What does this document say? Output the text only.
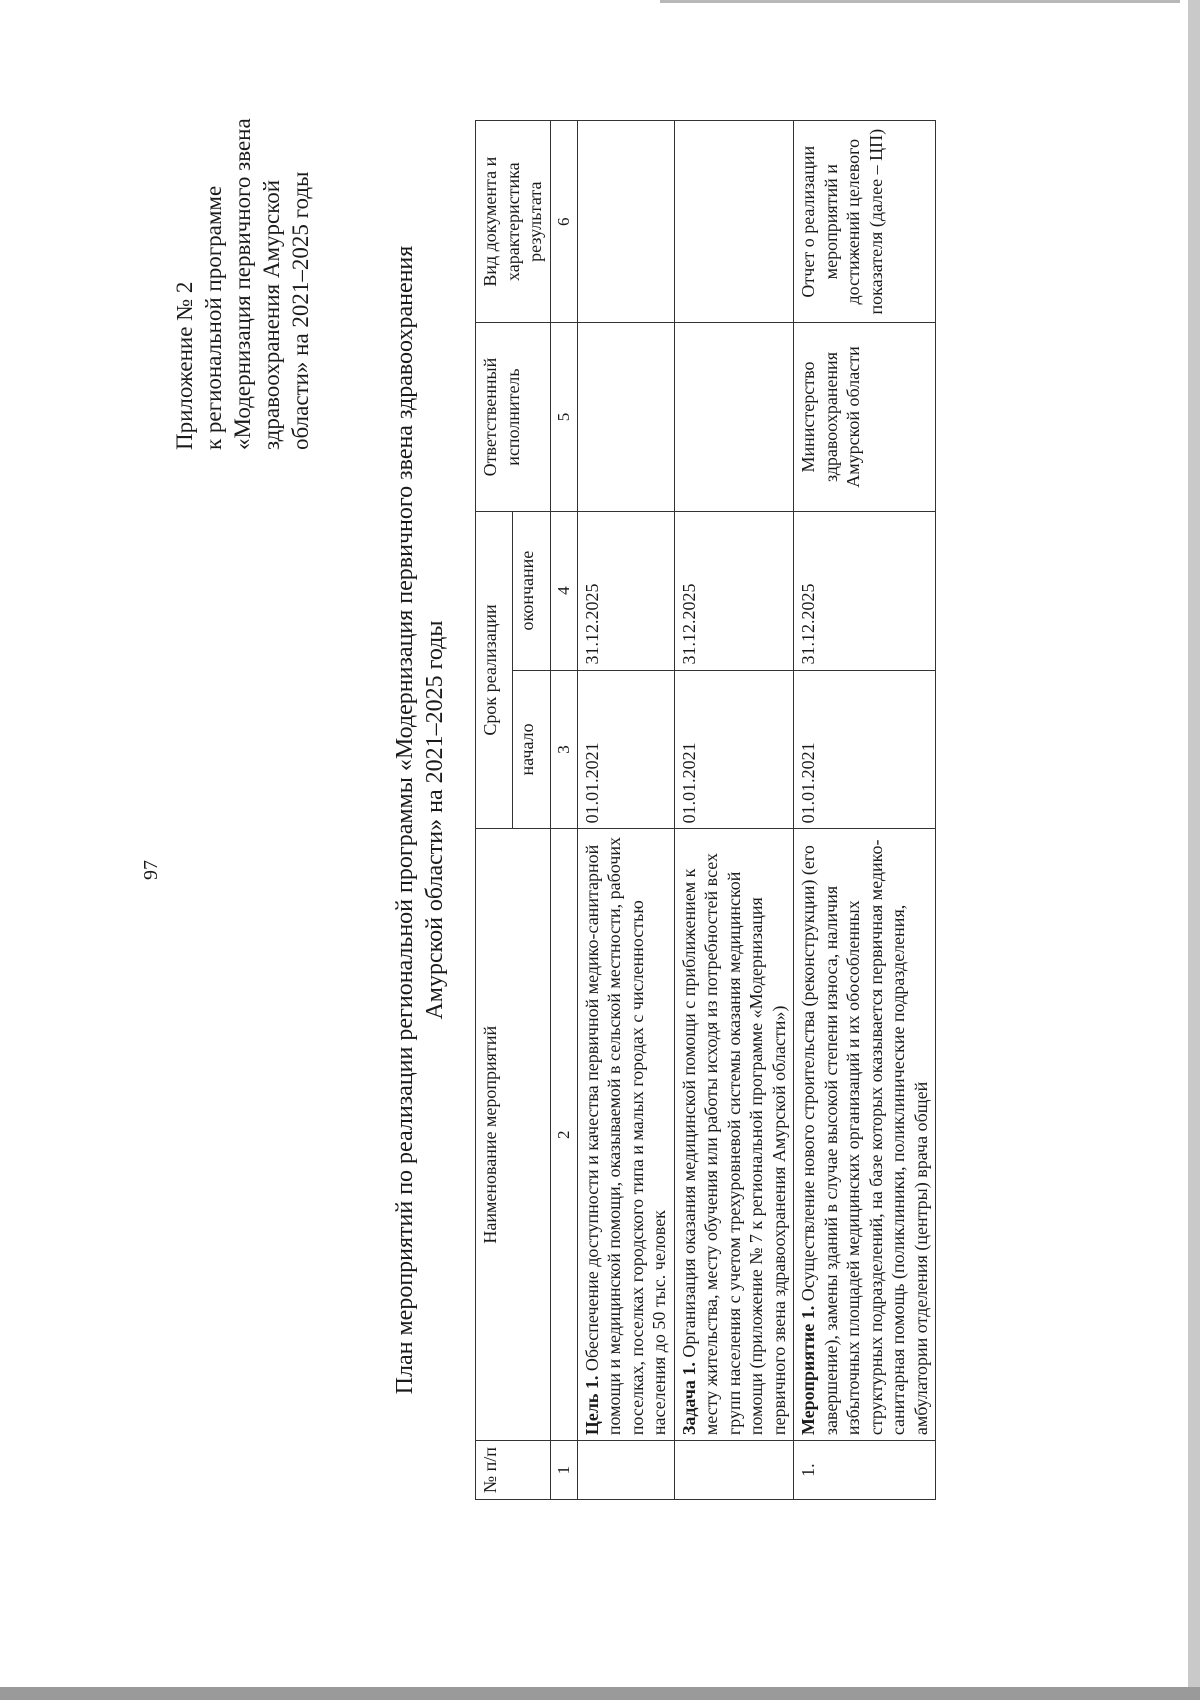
97
Приложение № 2 к региональной программе «Модернизация первичного звена здравоохранения Амурской области» на 2021–2025 годы	План мероприятий по реализации региональной программы «Модернизация первичного звена здравоохранения Амурской области» на 2021–2025 годы
№ п/п	Наименование мероприятий	Срок реализации		Ответственный исполнитель	Вид документа и характеристика результата
		начало	окончание		
1	2	3	4	5	6
	Цель 1. Обеспечение доступности и качества первичной медико-санитарной помощи и медицинской помощи, оказываемой в сельской местности, рабочих поселках, поселках городского типа и малых городах с численностью населения до 50 тыс. человек	01.01.2021	31.12.2025		
	Задача 1. Организация оказания медицинской помощи с приближением к месту жительства, месту обучения или работы исходя из потребностей всех групп населения с учетом трехуровневой системы оказания медицинской помощи (приложение № 7 к региональной программе «Модернизация первичного звена здравоохранения Амурской области»)	01.01.2021	31.12.2025		
1.	Мероприятие 1. Осуществление нового строительства (реконструкции) (его завершение), замены зданий в случае высокой степени износа, наличия избыточных площадей медицинских организаций и их обособленных структурных подразделений, на базе которых оказывается первичная медико-санитарная помощь (поликлиники, поликлинические подразделения, амбулатории отделения (центры) врача общей	01.01.2021	31.12.2025	Министерство здравоохранения Амурской области	Отчет о реализации мероприятий и достижений целевого показателя (далее – ЦП)
